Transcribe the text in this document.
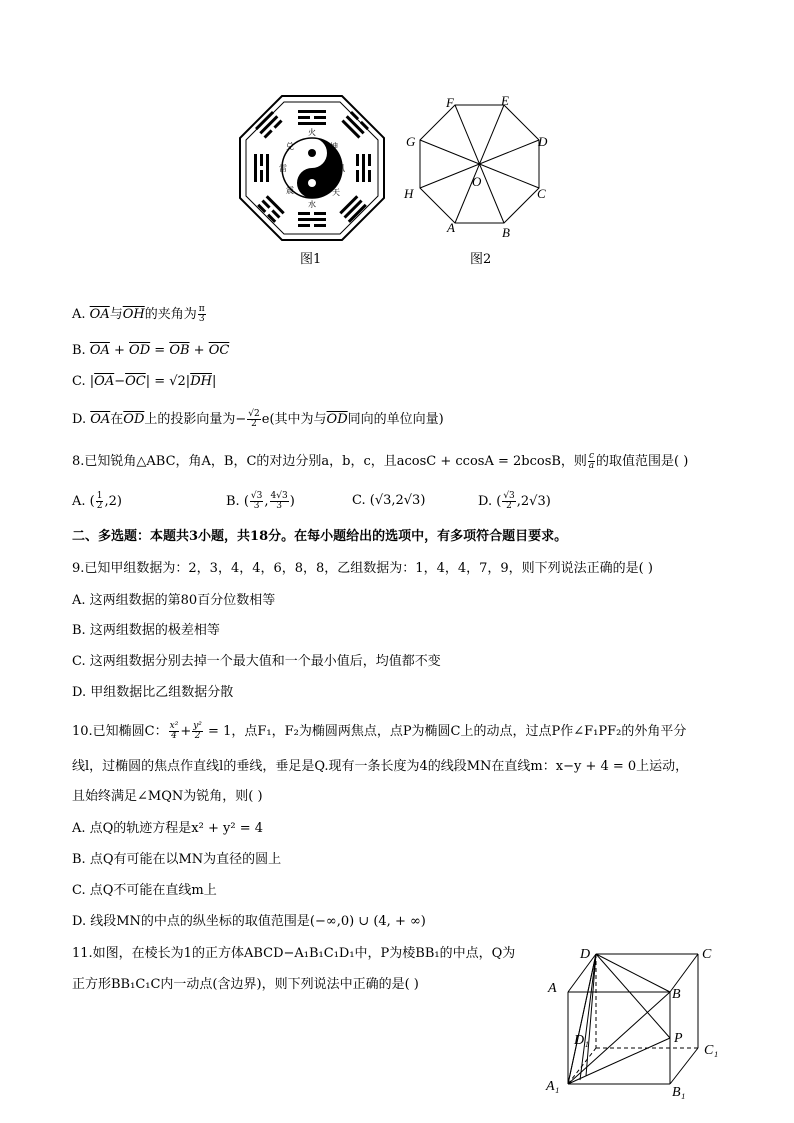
火
水
雷	风
兑	坤
震	天
图1
A	B
C
D
E
F
G
H
O
图2
A. $\overline{OA}$与$\overline{OH}$的夹角为 $\frac{\pi}{3}$
B. $\overline{OA} + \overline{OD} = \overline{OB} + \overline{OC}$
C. $|\overline{OA}-\overline{OC}| = √2|\overline{DH}|$
D. $\overline{OA}$在$\overline{OD}$上的投影向量为− $\frac{√2}{2} e$(其中为与$\overline{OD}$同向的单位向量)
8.已知锐角△ABC，角A，B，C的对边分别a，b，c，且acosC + ccosA = 2bcosB，则 $\frac{c}{a}$ 的取值范围是( )
A. ( $\frac{1}{2} ,2$)	B. ( $\frac{√3}{3}$ , $\frac{4√3}{3}$ )	C. (√3,2√3)	D. ( $\frac{√3}{2} ,2√3$)
二、多选题：本题共3小题，共18分。在每小题给出的选项中，有多项符合题目要求。
9.已知甲组数据为：2，3，4，4，6，8，8，乙组数据为：1，4，4，7，9，则下列说法正确的是( )
A. 这两组数据的第80百分位数相等
B. 这两组数据的极差相等
C. 这两组数据分别去掉一个最大值和一个最小值后，均值都不变
D. 甲组数据比乙组数据分散
10.已知椭圆C： $\frac{\text{x²}}{4} + \frac{\text{y²}}{2} = 1$，点F₁，F₂为椭圆两焦点，点P为椭圆C上的动点，过点P作∠F₁PF₂的外角平分
线l，过椭圆的焦点作直线l的垂线，垂足是Q.现有一条长度为4的线段MN在直线m：x−y + 4 = 0上运动，
且始终满足∠MQN为锐角，则( )
A. 点Q的轨迹方程是x² + y² = 4
B. 点Q有可能在以MN为直径的圆上
C. 点Q不可能在直线m上
D. 线段MN的中点的纵坐标的取值范围是(−∞,0) ∪ (4, + ∞)
11.如图，在棱长为1的正方体ABCD−A₁B₁C₁D₁中，P为棱BB₁的中点，Q为
正方形BB₁C₁C内一动点(含边界)，则下列说法中正确的是( )
D	C
A	B
D₁	P
C₁
A₁	B₁
